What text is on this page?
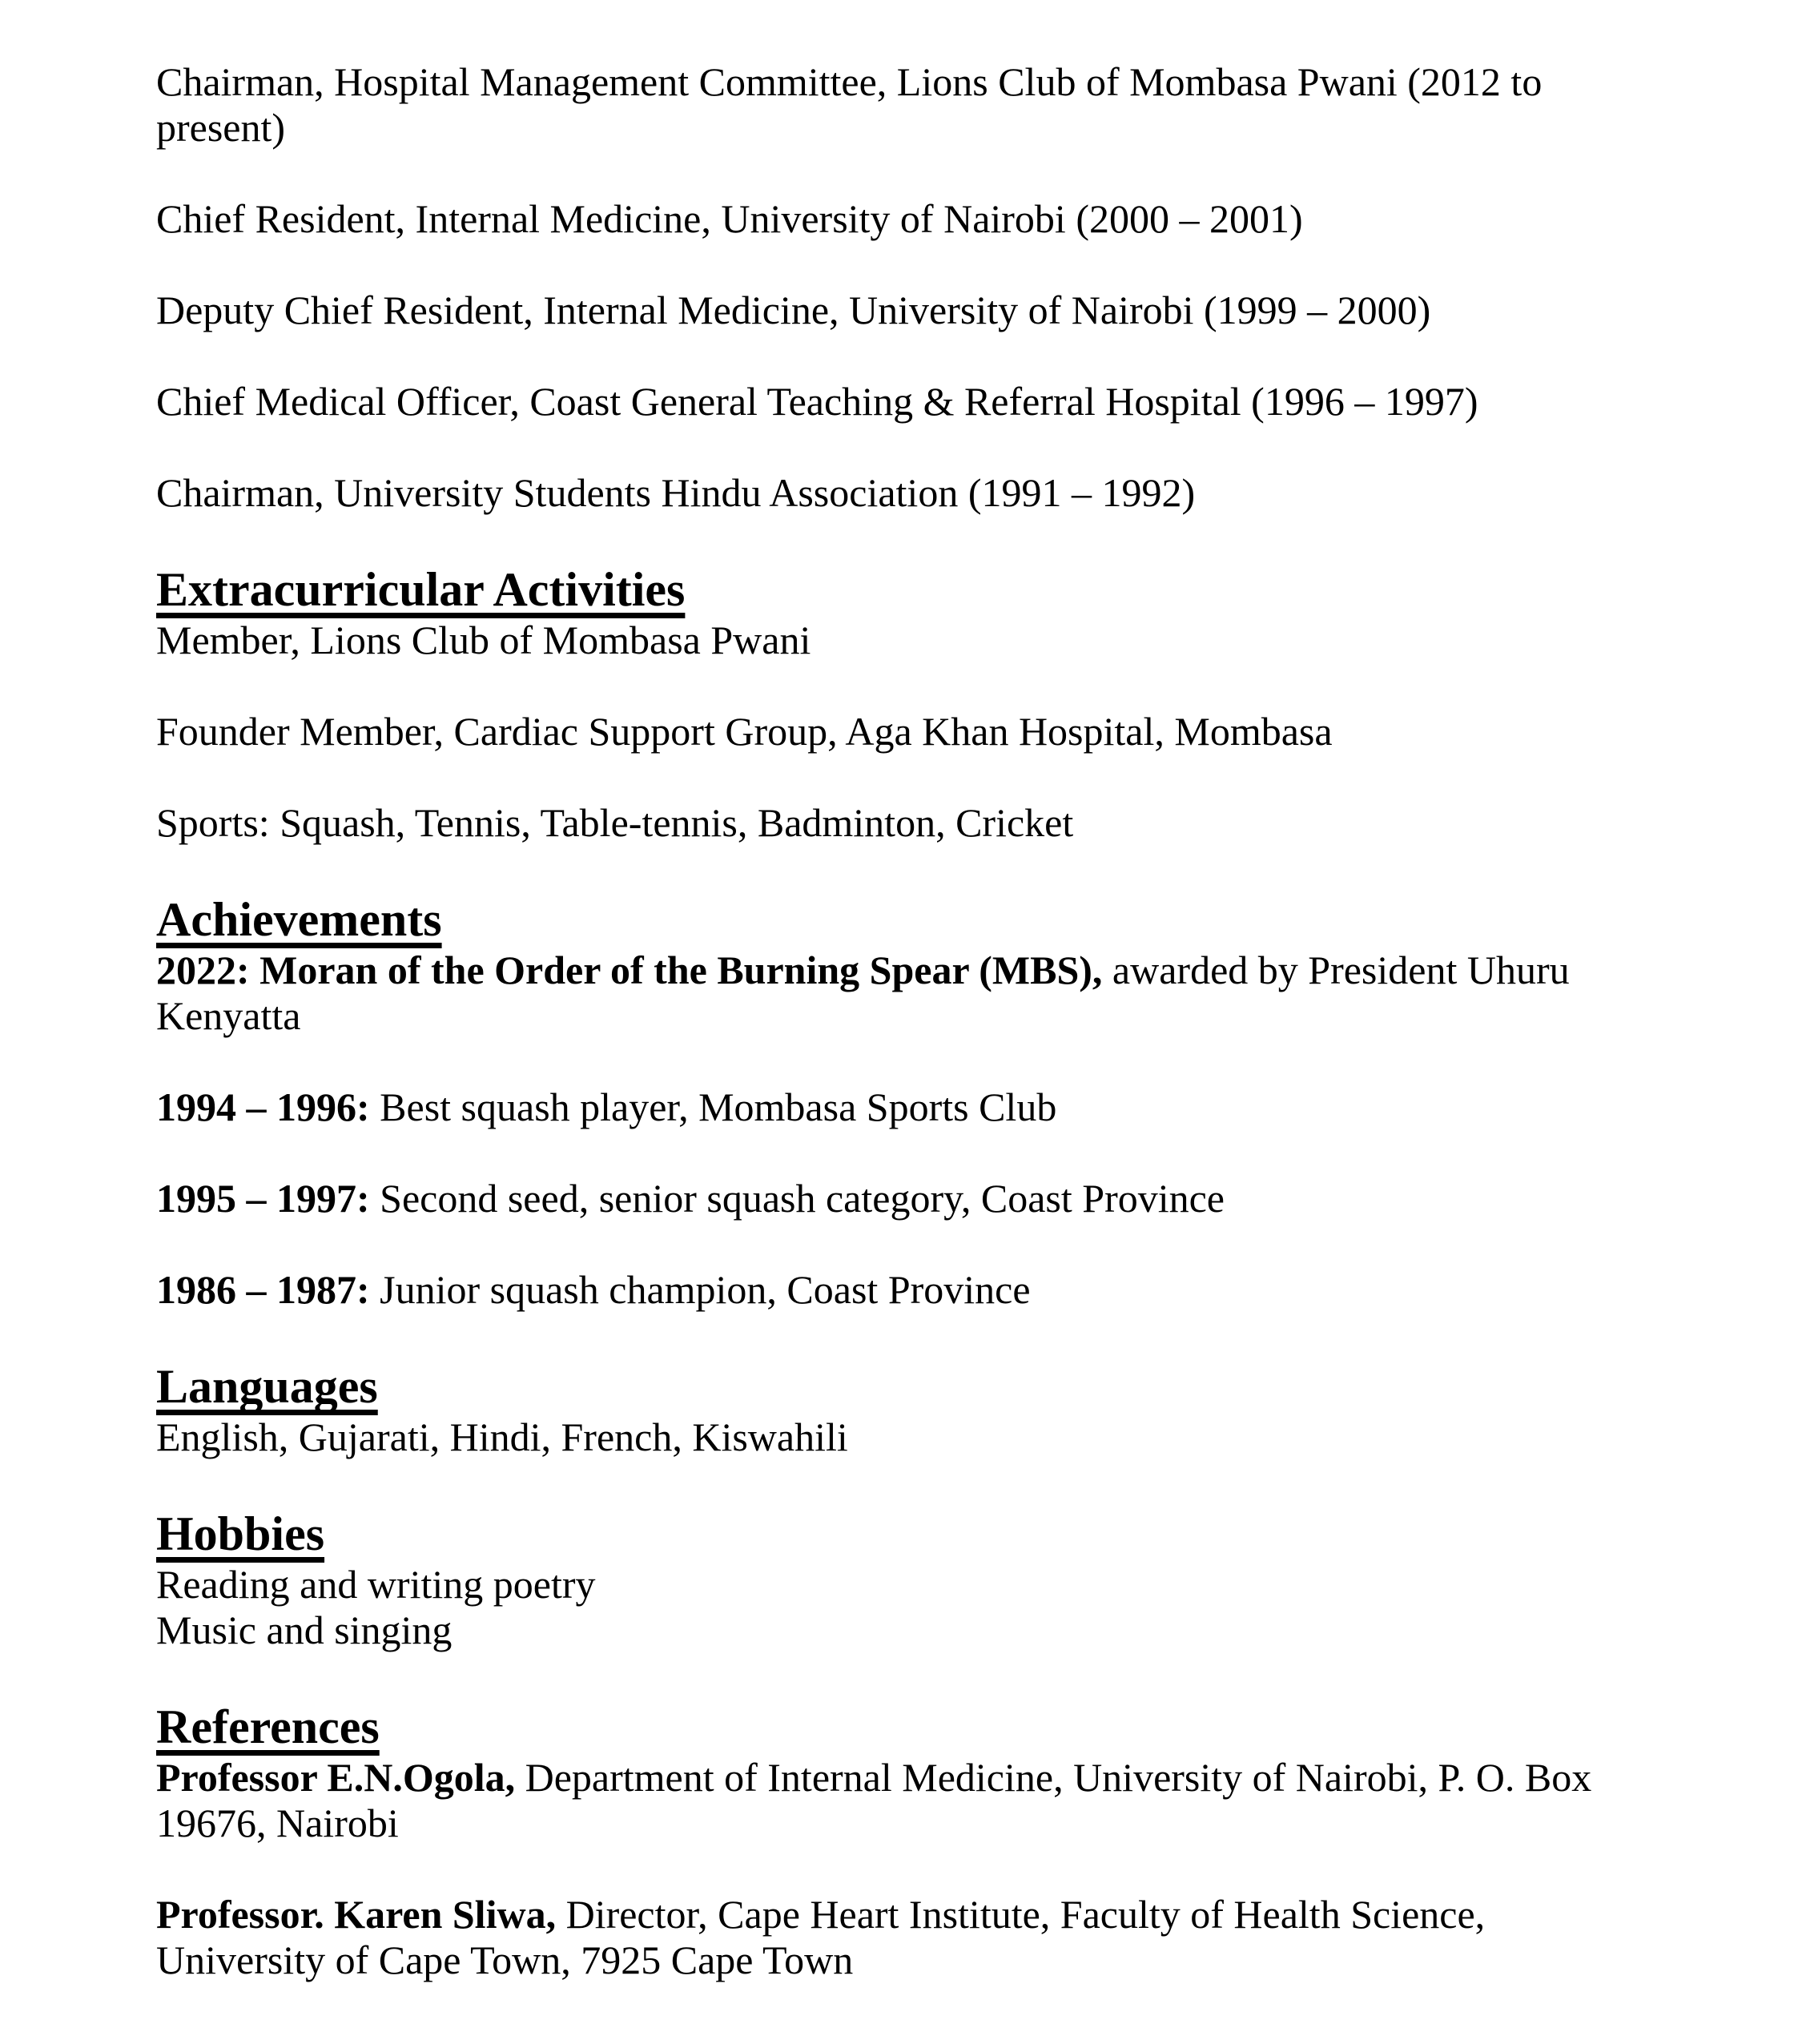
Chairman, Hospital Management Committee, Lions Club of Mombasa Pwani (2012 to
present)

Chief Resident, Internal Medicine, University of Nairobi (2000 – 2001)

Deputy Chief Resident, Internal Medicine, University of Nairobi (1999 – 2000)

Chief Medical Officer, Coast General Teaching & Referral Hospital (1996 – 1997)

Chairman, University Students Hindu Association (1991 – 1992)

Extracurricular Activities

Member, Lions Club of Mombasa Pwani

Founder Member, Cardiac Support Group, Aga Khan Hospital, Mombasa

Sports: Squash, Tennis, Table-tennis, Badminton, Cricket

Achievements

2022: Moran of the Order of the Burning Spear (MBS), awarded by President Uhuru
Kenyatta

1994 – 1996: Best squash player, Mombasa Sports Club

1995 – 1997: Second seed, senior squash category, Coast Province

1986 – 1987: Junior squash champion, Coast Province

Languages

English, Gujarati, Hindi, French, Kiswahili

Hobbies

Reading and writing poetry
Music and singing

References

Professor E.N.Ogola, Department of Internal Medicine, University of Nairobi, P. O. Box
19676, Nairobi

Professor. Karen Sliwa, Director, Cape Heart Institute, Faculty of Health Science,
University of Cape Town, 7925 Cape Town
